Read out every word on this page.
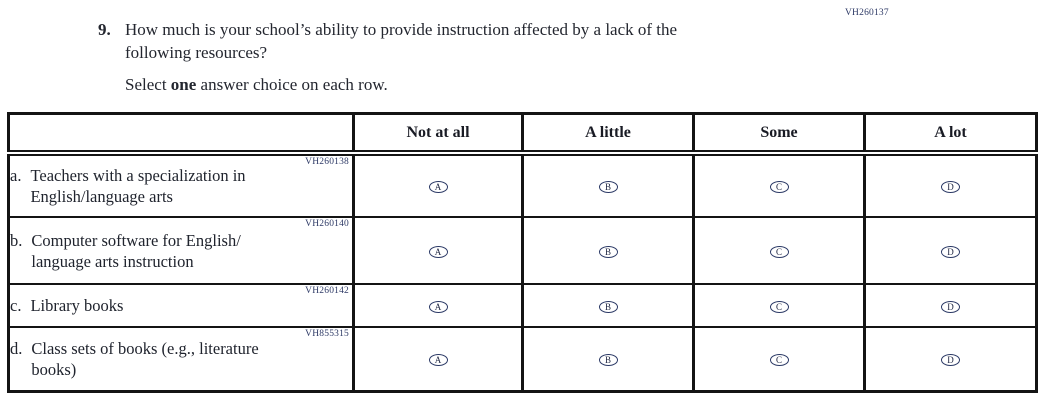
VH260137
9. How much is your school’s ability to provide instruction affected by a lack of the
following resources?
Select one answer choice on each row.
	Not at all	A little	Some	A lot

VH260138
a. Teachers with a specialization in
English/language arts	A	B	C	D

VH260140
b. Computer software for English/
language arts instruction	A	B	C	D

VH260142
c. Library books	A	B	C	D

VH855315
d. Class sets of books (e.g., literature
books)	A	B	C	D
